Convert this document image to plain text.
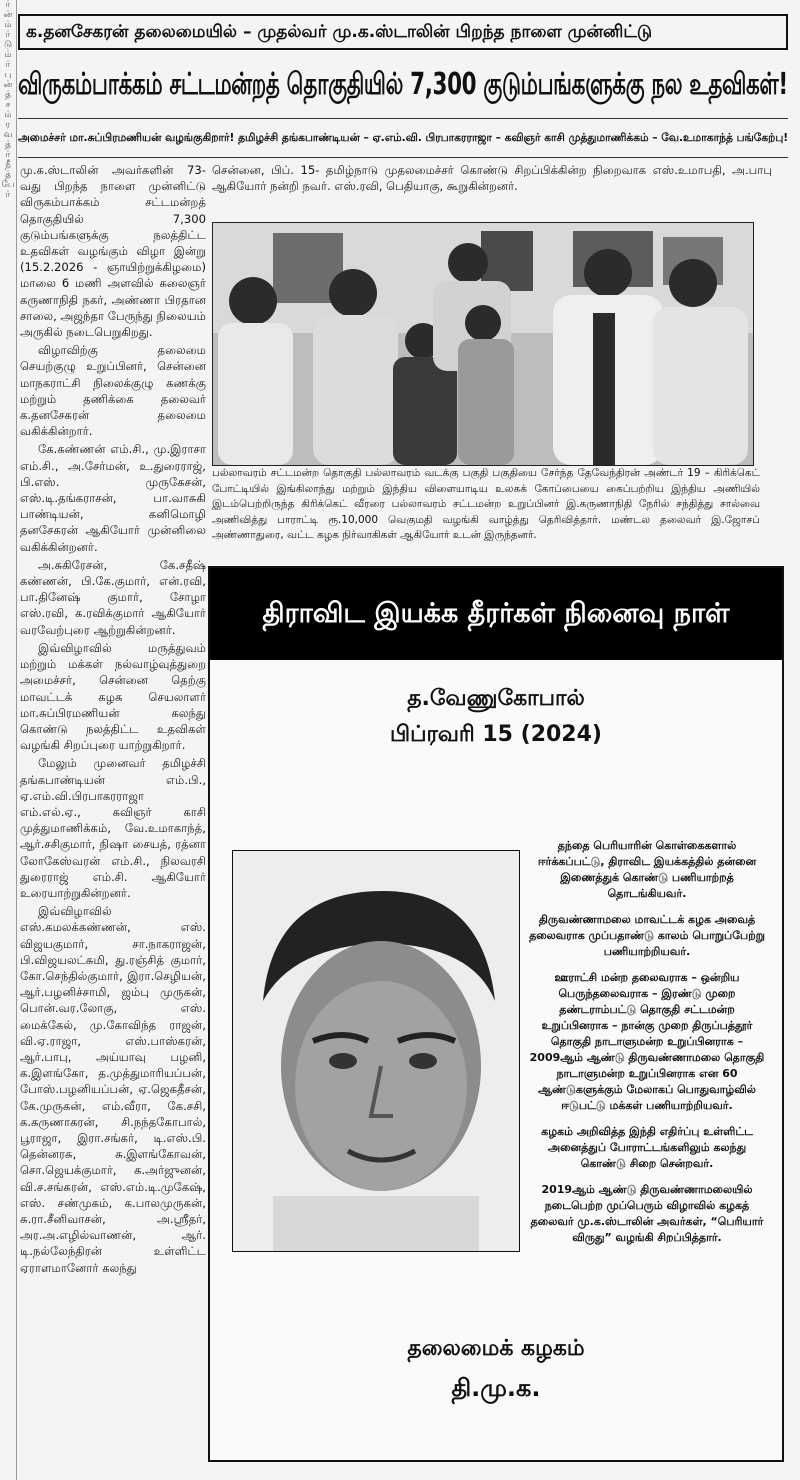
ர்
ன்
ம்
ர்
டு
ம்
ர்
பு
ன்
த்
ச
ம்
ர
வ
த்
ர்
நீ
த்
பே
ர்
க.தனசேகரன் தலைமையில் – முதல்வர் மு.க.ஸ்டாலின் பிறந்த நாளை முன்னிட்டு
விருகம்பாக்கம் சட்டமன்றத் தொகுதியில் 7,300 குடும்பங்களுக்கு நல உதவிகள்!
அமைச்சர் மா.சுப்பிரமணியன் வழங்குகிறார்! தமிழச்சி தங்கபாண்டியன் – ஏ.எம்.வி. பிரபாகரராஜா – கவிஞர் காசி முத்துமாணிக்கம் – வே.உமாகாந்த் பங்கேற்பு!
சென்னை, பிப். 15- தமிழ்நாடு முதலமைச்சர் கொண்டு சிறப்பிக்கின்ற நிறைவாக எஸ்.உமாபதி, அ.பாபு ஆகியோர் நன்றி நவர். எஸ்.ரவி, பெதியாகு, கூறுகின்றனர்.

மு.க.ஸ்டாலின் அவர்களின் 73-வது பிறந்த நாளை முன்னிட்டு விருகம்பாக்கம் சட்டமன்றத் தொகுதியில் 7,300 குடும்பங்களுக்கு நலத்திட்ட உதவிகள் வழங்கும் விழா இன்று (15.2.2026 - ஞாயிற்றுக்கிழமை) மாலை 6 மணி அளவில் கலைஞர் கருணாநிதி நகர், அண்ணா பிரதான சாலை, அஜந்தா பேருந்து நிலையம் அருகில் நடைபெறுகிறது.

விழாவிற்கு தலைமை செயற்குழு உறுப்பினர், சென்னை மாநகராட்சி நிலைக்குழு கணக்கு மற்றும் தணிக்கை தலைவர் க.தனசேகரன் தலைமை வகிக்கின்றார்.

கே.கண்ணன் எம்.சி., மு.இராசா எம்.சி., அ.சேர்மன், உ.துரைராஜ், பி.எஸ். முருகேசன், எஸ்.டி.தங்கராசன், பா.வாசுகி பாண்டியன், கனிமொழி தனசேகரன் ஆகியோர் முன்னிலை வகிக்கின்றனர்.

அ.சுகிரேசன், கே.சதீஷ் கண்ணன், பி.கே.குமார், என்.ரவி, பா.தினேஷ் குமார், சோழா எஸ்.ரவி, க.ரவிக்குமார் ஆகியோர் வரவேற்புரை ஆற்றுகின்றனர்.

இவ்விழாவில் மருத்துவம் மற்றும் மக்கள் நல்வாழ்வுத்துறை அமைச்சர், சென்னை தெற்கு மாவட்டக் கழக செயலாளர் மா.சுப்பிரமணியன் கலந்து கொண்டு நலத்திட்ட உதவிகள் வழங்கி சிறப்புரை யாற்றுகிறார்.

மேலும் முனைவர் தமிழச்சி தங்கபாண்டியன் எம்.பி., ஏ.எம்.வி.பிரபாகரராஜா எம்.எல்.ஏ., கவிஞர் காசி முத்துமாணிக்கம், வே.உமாகாந்த், ஆர்.சசிகுமார், நிஷா சையத், ரத்னா லோகேஸ்வரன் எம்.சி., நிலவரசி துரைராஜ் எம்.சி. ஆகியோர் உரையாற்றுகின்றனர்.

இவ்விழாவில் எஸ்.கமலக்கண்ணன், எஸ். விஜயகுமார், சா.நாகராஜன், பி.விஜயலட்சுமி, து.ரஞ்சித் குமார், கோ.செந்தில்குமார், இரா.செழியன், ஆர்.பழனிச்சாமி, ஜம்பு முருகன், பொன்.வர.லோகு, எஸ். மைக்கேல், மு.கோவிந்த ராஜன், வி.ஏ.ராஜா, எஸ்.பாஸ்கரன், ஆர்.பாபு, அய்யாவு பழனி, க.இளங்கோ, த.முத்துமாரியப்பன், போஸ்.பழனியப்பன், ஏ.ஜெகதீசன், கே.முருகன், எம்.வீரா, கே.சசி, க.கருணாகரன், சி.நந்தகோபால், பூராஜா, இரா.சங்கர், டி.எஸ்.பி. தென்னரசு, சு.இளங்கோவன், சொ.ஜெயக்குமார், க.அர்ஜுனன், வி.ச.சங்கரன், எஸ்.எம்.டி.முகேஷ், எஸ். சண்முகம், க.பாலமுருகன், சு.ரா.சீனிவாசன், அ.ஸ்ரீதர், அர.அ.எழில்வாணன், ஆர். டி.நல்லேந்திரன் உள்ளிட்ட ஏராளமானோர் கலந்து

பல்லாவரம் சட்டமன்ற தொகுதி பல்லாவரம் வடக்கு பகுதி பகுதியை சேர்ந்த தேவேந்திரன் அண்டர் 19 – கிரிக்கெட் போட்டியில் இங்கிலாந்து மற்றும் இந்திய விளையாடிய உலகக் கோப்பையை கைப்பற்றிய இந்திய அணியில் இடம்பெற்றிருந்த கிரிக்கெட் வீரரை பல்லாவரம் சட்டமன்ற உறுப்பினர் இ.கருணாநிதி நேரில் சந்தித்து சால்வை அணிவித்து பாராட்டி ரூ.10,000 வெகுமதி வழங்கி வாழ்த்து தெரிவித்தார். மண்டல தலைவர் இ.ஜோசப் அண்ணாதுரை, வட்ட கழக நிர்வாகிகள் ஆகியோர் உடன் இருந்தனர்.
திராவிட இயக்க தீரர்கள் நினைவு நாள்
த.வேணுகோபால்
பிப்ரவரி 15 (2024)

தந்தை பெரியாரின் கொள்கைகளால் ஈர்க்கப்பட்டு, திராவிட இயக்கத்தில் தன்னை இணைத்துக் கொண்டு பணியாற்றத் தொடங்கியவர்.

திருவண்ணாமலை மாவட்டக் கழக அவைத் தலைவராக முப்பதாண்டு காலம் பொறுப்பேற்று பணியாற்றியவர்.

ஊராட்சி மன்ற தலைவராக – ஒன்றிய பெருந்தலைவராக – இரண்டு முறை தண்டராம்பட்டு தொகுதி சட்டமன்ற உறுப்பினராக – நான்கு முறை திருப்பத்தூர் தொகுதி நாடாளுமன்ற உறுப்பினராக – 2009ஆம் ஆண்டு திருவண்ணாமலை தொகுதி நாடாளுமன்ற உறுப்பினராக என 60 ஆண்டுகளுக்கும் மேலாகப் பொதுவாழ்வில் ஈடுபட்டு மக்கள் பணியாற்றியவர்.

கழகம் அறிவித்த இந்தி எதிர்ப்பு உள்ளிட்ட அனைத்துப் போராட்டங்களிலும் கலந்து கொண்டு சிறை சென்றவர்.

2019ஆம் ஆண்டு திருவண்ணாமலையில் நடைபெற்ற முப்பெரும் விழாவில் கழகத் தலைவர் மு.க.ஸ்டாலின் அவர்கள், “பெரியார் விருது” வழங்கி சிறப்பித்தார்.

தலைமைக் கழகம்
தி.மு.க.
